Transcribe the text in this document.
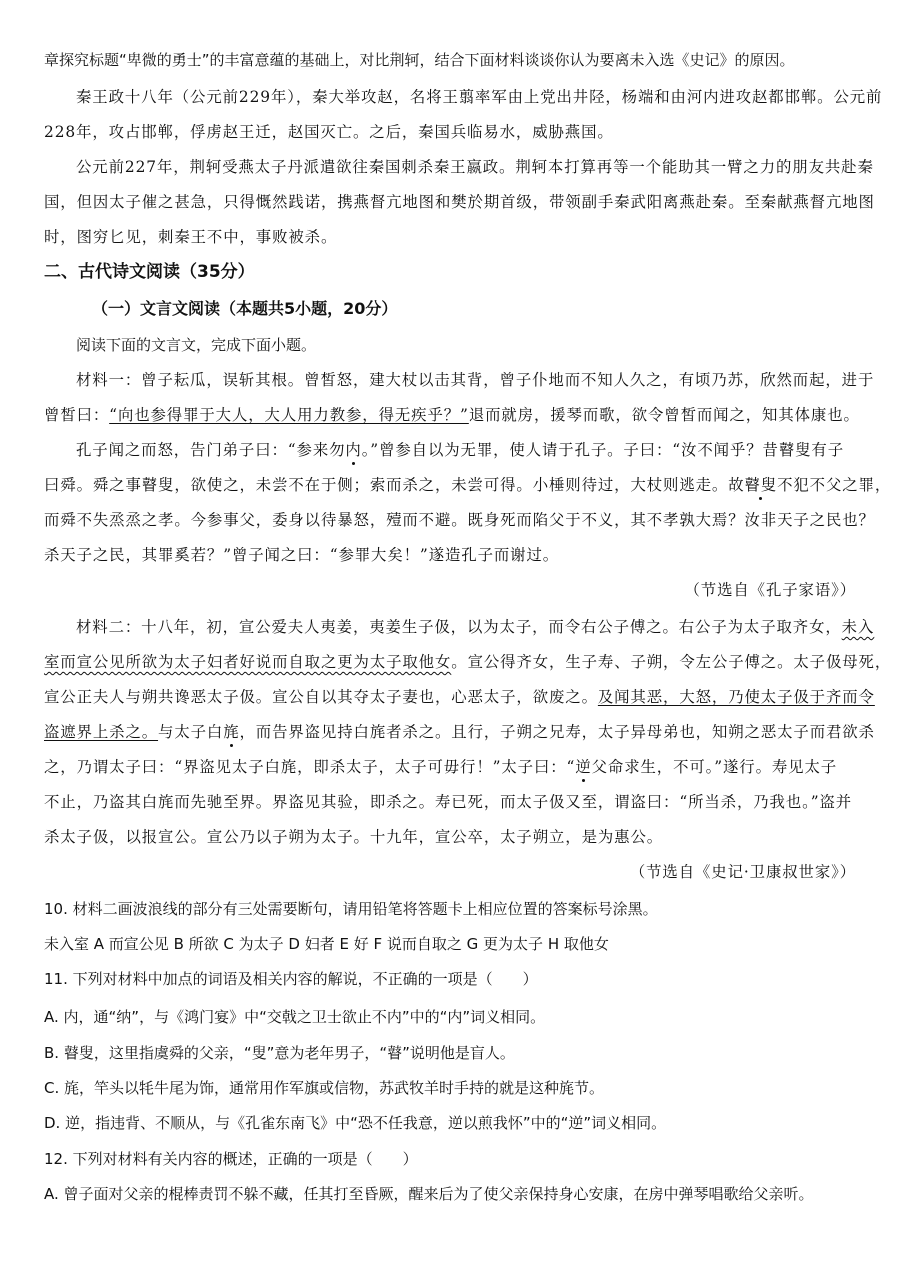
章探究标题“卑微的勇士”的丰富意蕴的基础上，对比荆轲，结合下面材料谈谈你认为要离未入选《史记》的原因。
秦王政十八年（公元前229年），秦大举攻赵，名将王翦率军由上党出井陉，杨端和由河内进攻赵都邯郸。公元前
228年，攻占邯郸，俘虏赵王迁，赵国灭亡。之后，秦国兵临易水，威胁燕国。
公元前227年，荆轲受燕太子丹派遣欲往秦国刺杀秦王嬴政。荆轲本打算再等一个能助其一臂之力的朋友共赴秦
国，但因太子催之甚急，只得慨然践诺，携燕督亢地图和樊於期首级，带领副手秦武阳离燕赴秦。至秦献燕督亢地图
时，图穷匕见，刺秦王不中，事败被杀。
二、古代诗文阅读（35分）
（一）文言文阅读（本题共5小题，20分）
阅读下面的文言文，完成下面小题。
材料一：曾子耘瓜，误斩其根。曾皙怒，建大杖以击其背，曾子仆地而不知人久之，有顷乃苏，欣然而起，进于
曾皙曰：“向也参得罪于大人，大人用力教参，得无疾乎？”退而就房，援琴而歌，欲令曾皙而闻之，知其体康也。
孔子闻之而怒，告门弟子曰：“参来勿内。”曾参自以为无罪，使人请于孔子。子曰：“汝不闻乎？昔瞽叟有子
曰舜。舜之事瞽叟，欲使之，未尝不在于侧；索而杀之，未尝可得。小棰则待过，大杖则逃走。故瞽叟不犯不父之罪，
而舜不失烝烝之孝。今参事父，委身以待暴怒，殪而不避。既身死而陷父于不义，其不孝孰大焉？汝非天子之民也？
杀天子之民，其罪奚若？”曾子闻之曰：“参罪大矣！”遂造孔子而谢过。
（节选自《孔子家语》）
材料二：十八年，初，宣公爱夫人夷姜，夷姜生子伋，以为太子，而令右公子傅之。右公子为太子取齐女，未入
室而宣公见所欲为太子妇者好说而自取之更为太子取他女。宣公得齐女，生子寿、子朔，令左公子傅之。太子伋母死，
宣公正夫人与朔共谗恶太子伋。宣公自以其夺太子妻也，心恶太子，欲废之。及闻其恶，大怒，乃使太子伋于齐而令
盗遮界上杀之。与太子白旄，而告界盗见持白旄者杀之。且行，子朔之兄寿，太子异母弟也，知朔之恶太子而君欲杀
之，乃谓太子曰：“界盗见太子白旄，即杀太子，太子可毋行！”太子曰：“逆父命求生，不可。”遂行。寿见太子
不止，乃盗其白旄而先驰至界。界盗见其验，即杀之。寿已死，而太子伋又至，谓盗曰：“所当杀，乃我也。”盗并
杀太子伋，以报宣公。宣公乃以子朔为太子。十九年，宣公卒，太子朔立，是为惠公。
（节选自《史记·卫康叔世家》）
10. 材料二画波浪线的部分有三处需要断句，请用铅笔将答题卡上相应位置的答案标号涂黑。
未入室 A 而宣公见 B 所欲 C 为太子 D 妇者 E 好 F 说而自取之 G 更为太子 H 取他女
11. 下列对材料中加点的词语及相关内容的解说，不正确的一项是（　　）
A. 内，通“纳”，与《鸿门宴》中“交戟之卫士欲止不内”中的“内”词义相同。
B. 瞽叟，这里指虞舜的父亲，“叟”意为老年男子，“瞽”说明他是盲人。
C. 旄，竿头以牦牛尾为饰，通常用作军旗或信物，苏武牧羊时手持的就是这种旄节。
D. 逆，指违背、不顺从，与《孔雀东南飞》中“恐不任我意，逆以煎我怀”中的“逆”词义相同。
12. 下列对材料有关内容的概述，正确的一项是（　　）
A. 曾子面对父亲的棍棒责罚不躲不藏，任其打至昏厥，醒来后为了使父亲保持身心安康，在房中弹琴唱歌给父亲听。
